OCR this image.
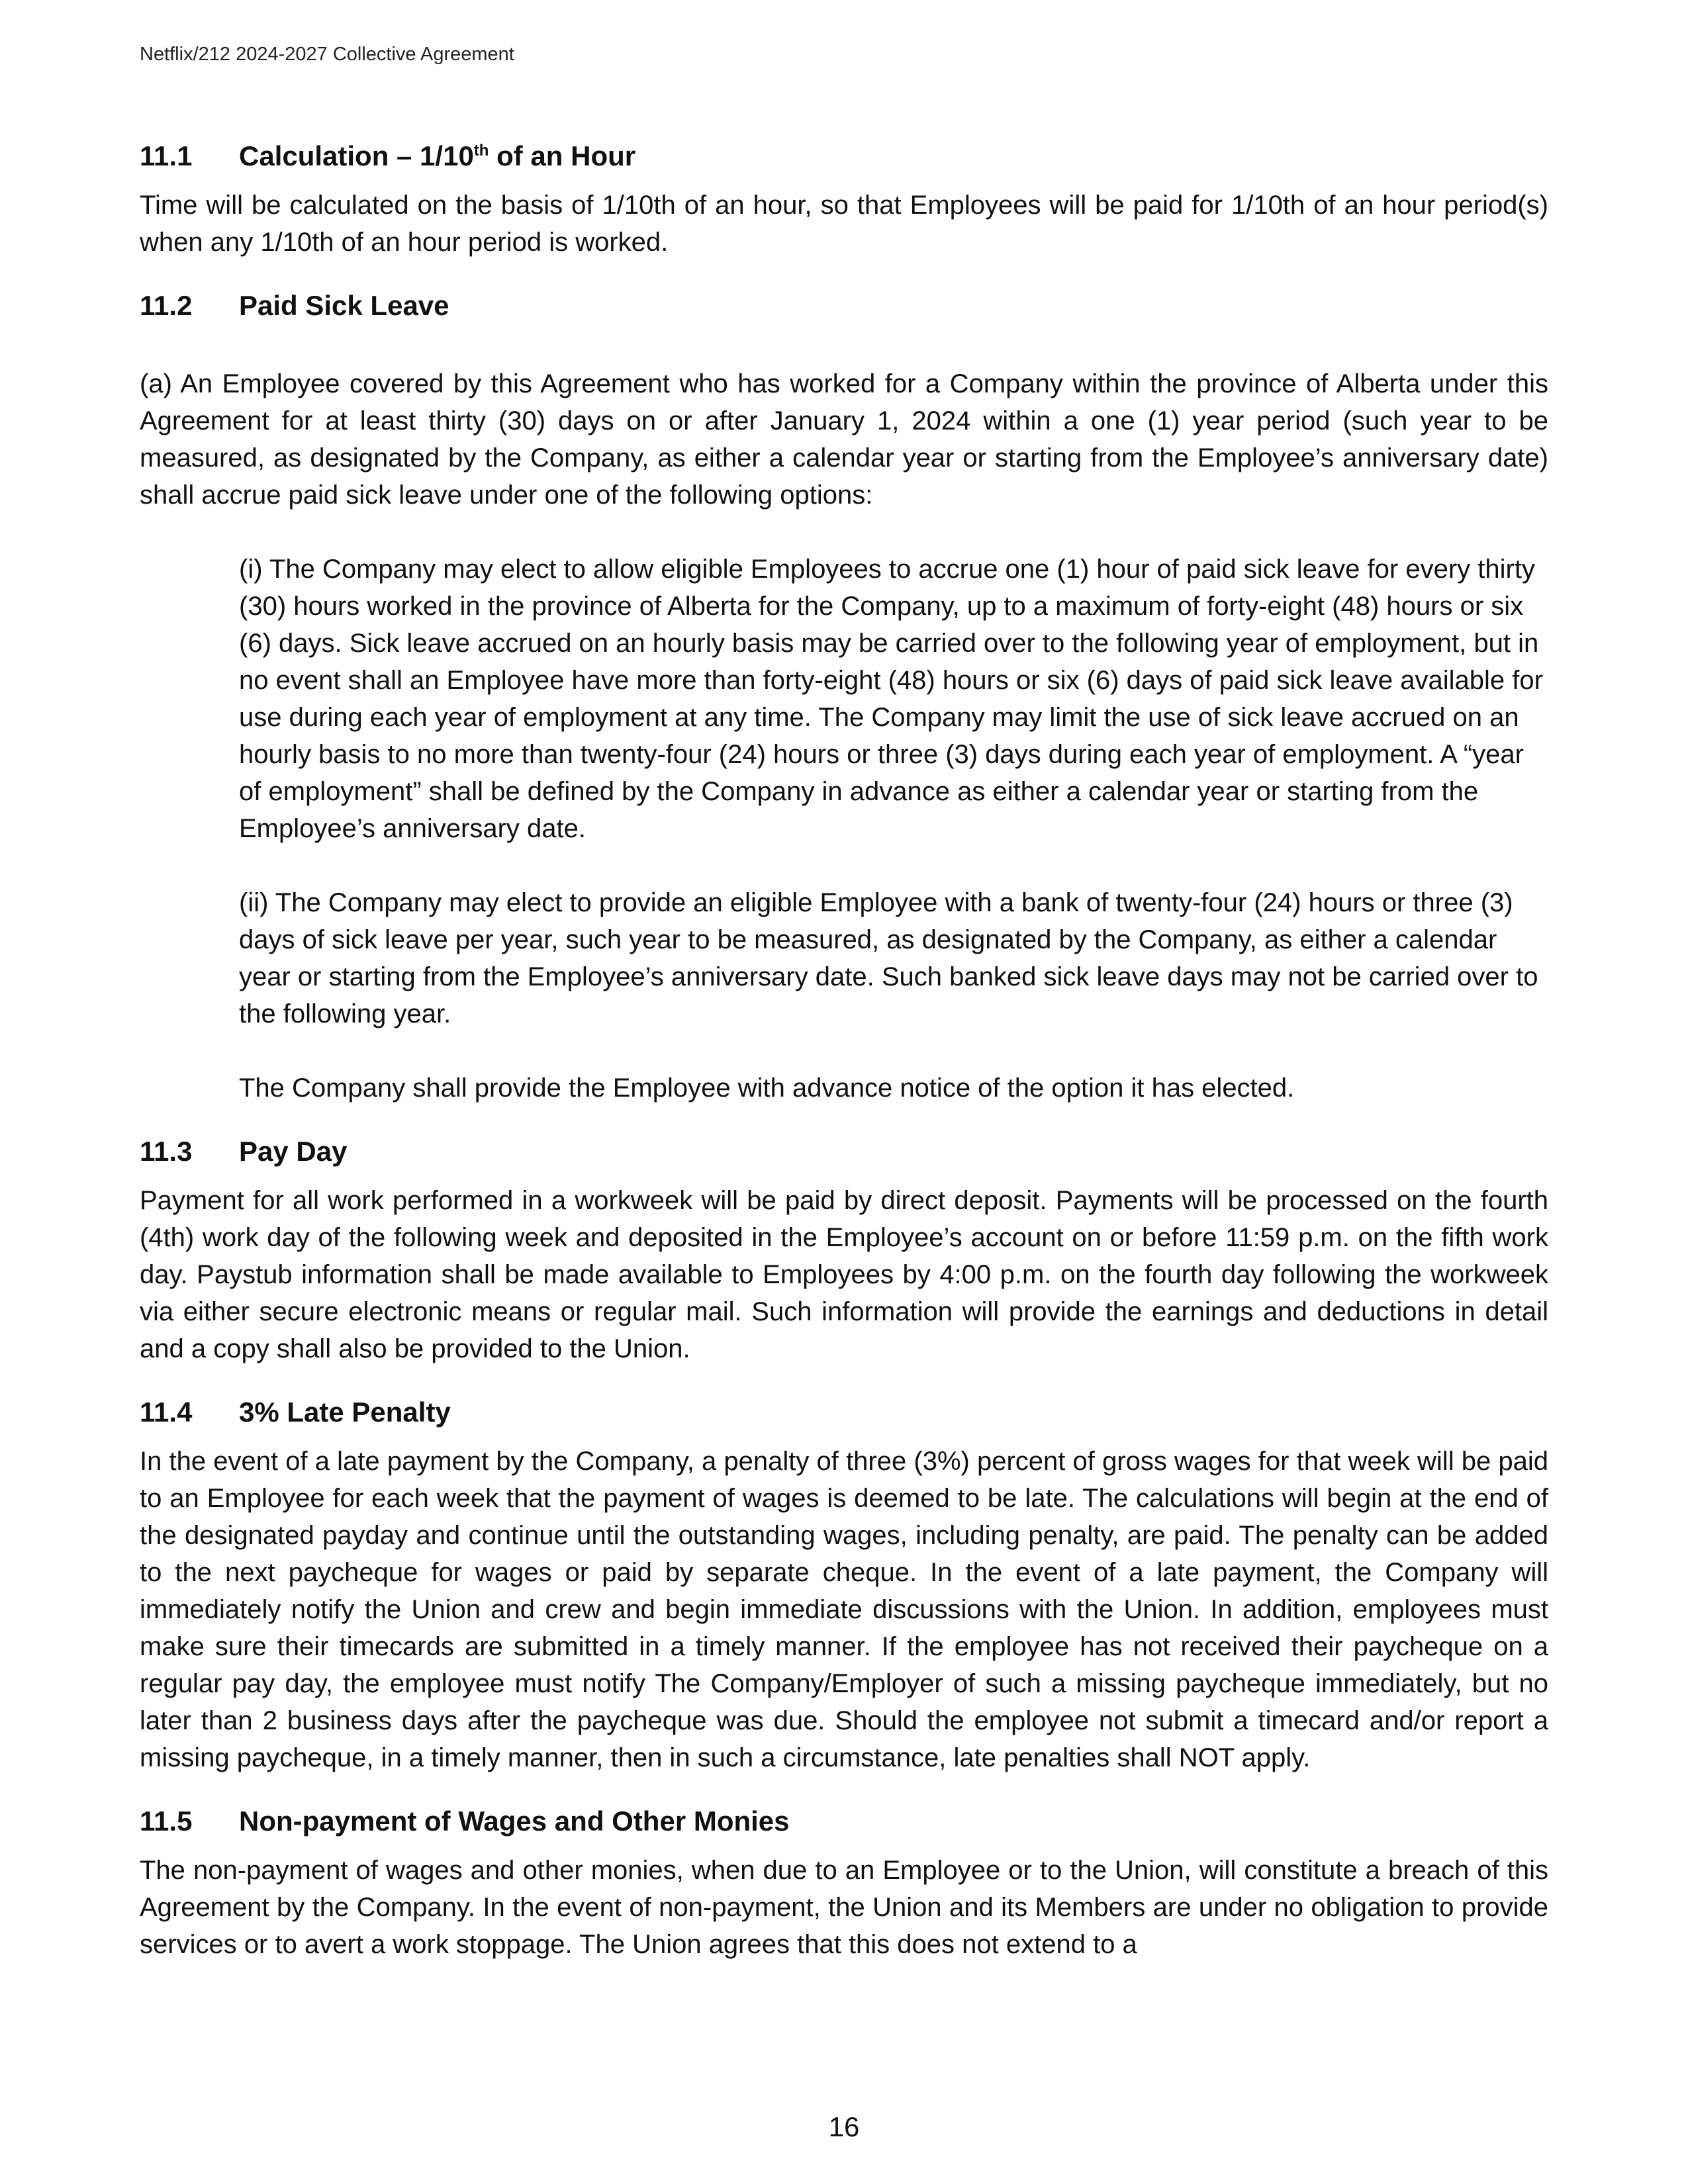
Netflix/212 2024-2027 Collective Agreement
11.1 Calculation – 1/10th of an Hour

Time will be calculated on the basis of 1/10th of an hour, so that Employees will be paid for 1/10th of an hour period(s) when any 1/10th of an hour period is worked.

11.2 Paid Sick Leave

(a) An Employee covered by this Agreement who has worked for a Company within the province of Alberta under this Agreement for at least thirty (30) days on or after January 1, 2024 within a one (1) year period (such year to be measured, as designated by the Company, as either a calendar year or starting from the Employee’s anniversary date) shall accrue paid sick leave under one of the following options:

(i) The Company may elect to allow eligible Employees to accrue one (1) hour of paid sick leave for every thirty (30) hours worked in the province of Alberta for the Company, up to a maximum of forty-eight (48) hours or six (6) days. Sick leave accrued on an hourly basis may be carried over to the following year of employment, but in no event shall an Employee have more than forty-eight (48) hours or six (6) days of paid sick leave available for use during each year of employment at any time. The Company may limit the use of sick leave accrued on an hourly basis to no more than twenty-four (24) hours or three (3) days during each year of employment. A “year of employment” shall be defined by the Company in advance as either a calendar year or starting from the Employee’s anniversary date.

(ii) The Company may elect to provide an eligible Employee with a bank of twenty-four (24) hours or three (3) days of sick leave per year, such year to be measured, as designated by the Company, as either a calendar year or starting from the Employee’s anniversary date. Such banked sick leave days may not be carried over to the following year.

The Company shall provide the Employee with advance notice of the option it has elected.

11.3 Pay Day

Payment for all work performed in a workweek will be paid by direct deposit. Payments will be processed on the fourth (4th) work day of the following week and deposited in the Employee’s account on or before 11:59 p.m. on the fifth work day. Paystub information shall be made available to Employees by 4:00 p.m. on the fourth day following the workweek via either secure electronic means or regular mail. Such information will provide the earnings and deductions in detail and a copy shall also be provided to the Union.

11.4 3% Late Penalty

In the event of a late payment by the Company, a penalty of three (3%) percent of gross wages for that week will be paid to an Employee for each week that the payment of wages is deemed to be late. The calculations will begin at the end of the designated payday and continue until the outstanding wages, including penalty, are paid. The penalty can be added to the next paycheque for wages or paid by separate cheque. In the event of a late payment, the Company will immediately notify the Union and crew and begin immediate discussions with the Union. In addition, employees must make sure their timecards are submitted in a timely manner. If the employee has not received their paycheque on a regular pay day, the employee must notify The Company/Employer of such a missing paycheque immediately, but no later than 2 business days after the paycheque was due. Should the employee not submit a timecard and/or report a missing paycheque, in a timely manner, then in such a circumstance, late penalties shall NOT apply.

11.5 Non-payment of Wages and Other Monies

The non-payment of wages and other monies, when due to an Employee or to the Union, will constitute a breach of this Agreement by the Company. In the event of non-payment, the Union and its Members are under no obligation to provide services or to avert a work stoppage. The Union agrees that this does not extend to a

16
